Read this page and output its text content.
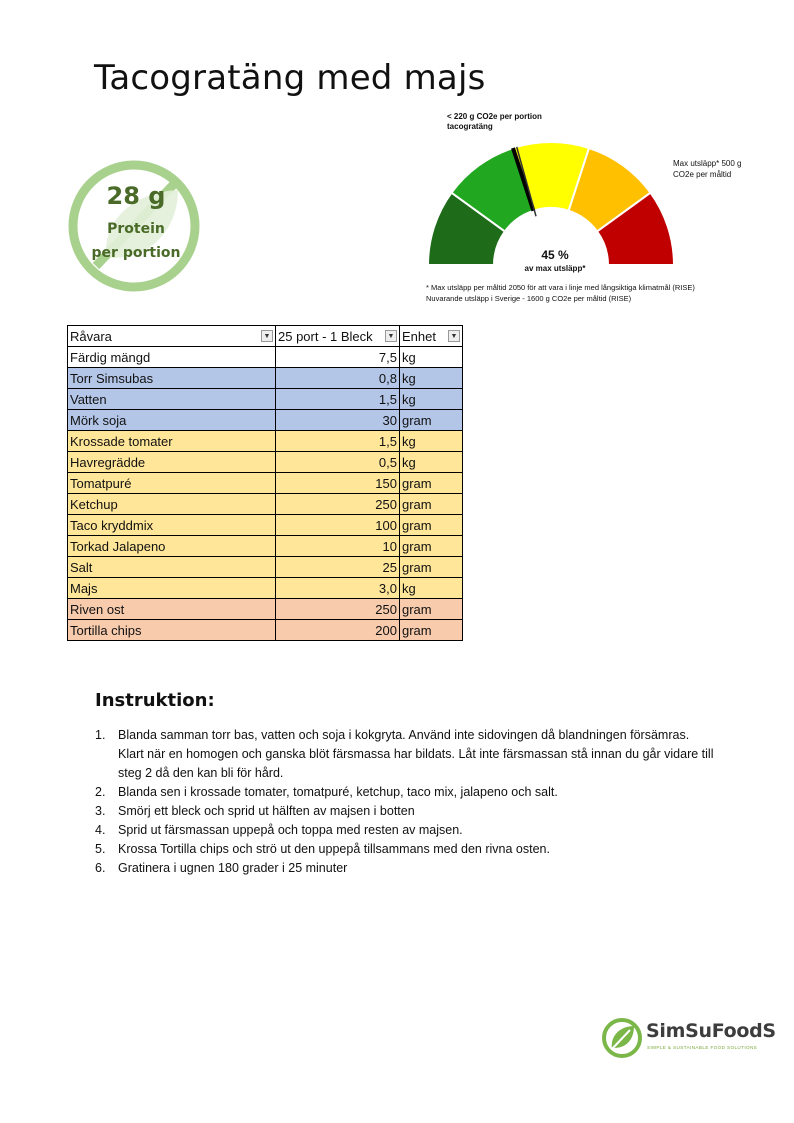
Tacogratäng med majs
28 g
Protein
per portion
< 220 g CO2e per portion tacogratäng
Max utsläpp* 500 g CO2e per måltid
45 %
av max utsläpp*
* Max utsläpp per måltid 2050 för att vara i linje med långsiktiga klimatmål (RISE)
Nuvarande utsläpp i Sverige - 1600 g CO2e per måltid (RISE)
Råvara ▼	25 port - 1 Bleck ▼	Enhet ▼

Färdig mängd	7,5	kg
Torr Simsubas	0,8	kg
Vatten	1,5	kg
Mörk soja	30	gram
Krossade tomater	1,5	kg
Havregrädde	0,5	kg
Tomatpuré	150	gram
Ketchup	250	gram
Taco kryddmix	100	gram
Torkad Jalapeno	10	gram
Salt	25	gram
Majs	3,0	kg
Riven ost	250	gram
Tortilla chips	200	gram
Instruktion:
1. Blanda samman torr bas, vatten och soja i kokgryta. Använd inte sidovingen då blandningen försämras. Klart när en homogen och ganska blöt färsmassa har bildats. Låt inte färsmassan stå innan du går vidare till steg 2 då den kan bli för hård.
2. Blanda sen i krossade tomater, tomatpuré, ketchup, taco mix, jalapeno och salt.
3. Smörj ett bleck och sprid ut hälften av majsen i botten
4. Sprid ut färsmassan uppepå och toppa med resten av majsen.
5. Krossa Tortilla chips och strö ut den uppepå tillsammans med den rivna osten.
6. Gratinera i ugnen 180 grader i 25 minuter
SimSuFoodS
SIMPLE & SUSTAINABLE FOOD SOLUTIONS
